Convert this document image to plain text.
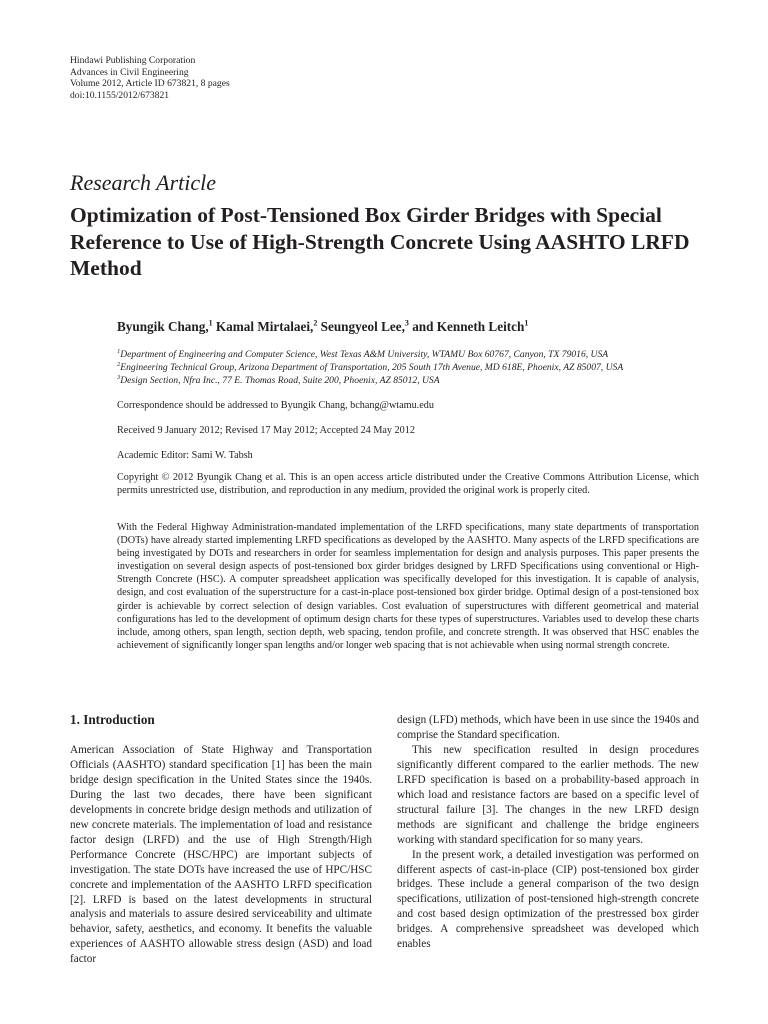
Hindawi Publishing Corporation
Advances in Civil Engineering
Volume 2012, Article ID 673821, 8 pages
doi:10.1155/2012/673821
Research Article
Optimization of Post-Tensioned Box Girder Bridges with Special Reference to Use of High-Strength Concrete Using AASHTO LRFD Method
Byungik Chang,$^1$ Kamal Mirtalaei,$^2$ Seungyeol Lee,$^3$ and Kenneth Leitch$^1$
$^1$Department of Engineering and Computer Science, West Texas A&M University, WTAMU Box 60767, Canyon, TX 79016, USA
$^2$Engineering Technical Group, Arizona Department of Transportation, 205 South 17th Avenue, MD 618E, Phoenix, AZ 85007, USA
$^3$Design Section, Nfra Inc., 77 E. Thomas Road, Suite 200, Phoenix, AZ 85012, USA
Correspondence should be addressed to Byungik Chang, bchang@wtamu.edu
Received 9 January 2012; Revised 17 May 2012; Accepted 24 May 2012
Academic Editor: Sami W. Tabsh
Copyright © 2012 Byungik Chang et al. This is an open access article distributed under the Creative Commons Attribution License, which permits unrestricted use, distribution, and reproduction in any medium, provided the original work is properly cited.
With the Federal Highway Administration-mandated implementation of the LRFD specifications, many state departments of transportation (DOTs) have already started implementing LRFD specifications as developed by the AASHTO. Many aspects of the LRFD specifications are being investigated by DOTs and researchers in order for seamless implementation for design and analysis purposes. This paper presents the investigation on several design aspects of post-tensioned box girder bridges designed by LRFD Specifications using conventional or High-Strength Concrete (HSC). A computer spreadsheet application was specifically developed for this investigation. It is capable of analysis, design, and cost evaluation of the superstructure for a cast-in-place post-tensioned box girder bridge. Optimal design of a post-tensioned box girder is achievable by correct selection of design variables. Cost evaluation of superstructures with different geometrical and material configurations has led to the development of optimum design charts for these types of superstructures. Variables used to develop these charts include, among others, span length, section depth, web spacing, tendon profile, and concrete strength. It was observed that HSC enables the achievement of significantly longer span lengths and/or longer web spacing that is not achievable when using normal strength concrete.
1. Introduction

American Association of State Highway and Transportation Officials (AASHTO) standard specification [1] has been the main bridge design specification in the United States since the 1940s. During the last two decades, there have been significant developments in concrete bridge design methods and utilization of new concrete materials. The implementation of load and resistance factor design (LRFD) and the use of High Strength/High Performance Concrete (HSC/HPC) are important subjects of investigation. The state DOTs have increased the use of HPC/HSC concrete and implementation of the AASHTO LRFD specification [2]. LRFD is based on the latest developments in structural analysis and materials to assure desired serviceability and ultimate behavior, safety, aesthetics, and economy. It benefits the valuable experiences of AASHTO allowable stress design (ASD) and load factor

design (LFD) methods, which have been in use since the 1940s and comprise the Standard specification.

This new specification resulted in design procedures significantly different compared to the earlier methods. The new LRFD specification is based on a probability-based approach in which load and resistance factors are based on a specific level of structural failure [3]. The changes in the new LRFD design methods are significant and challenge the bridge engineers working with standard specification for so many years.

In the present work, a detailed investigation was performed on different aspects of cast-in-place (CIP) post-tensioned box girder bridges. These include a general comparison of the two design specifications, utilization of post-tensioned high-strength concrete and cost based design optimization of the prestressed box girder bridges. A comprehensive spreadsheet was developed which enables
